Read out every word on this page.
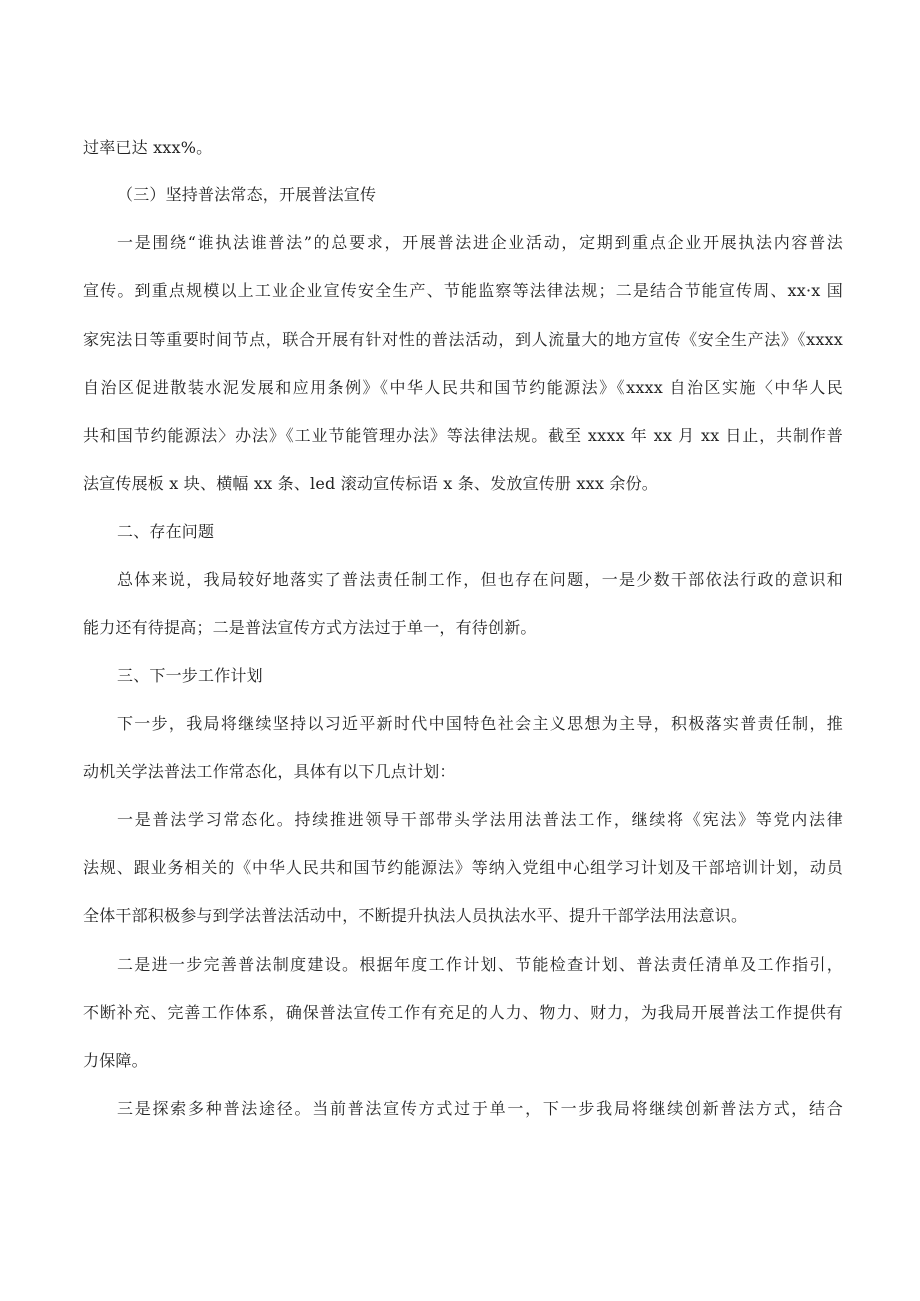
过率已达 xxx%。
（三）坚持普法常态，开展普法宣传
一是围绕“谁执法谁普法”的总要求，开展普法进企业活动，定期到重点企业开展执法内容普法
宣传。到重点规模以上工业企业宣传安全生产、节能监察等法律法规；二是结合节能宣传周、xx·x 国
家宪法日等重要时间节点，联合开展有针对性的普法活动，到人流量大的地方宣传《安全生产法》《xxxx
自治区促进散装水泥发展和应用条例》《中华人民共和国节约能源法》《xxxx 自治区实施〈中华人民
共和国节约能源法〉办法》《工业节能管理办法》等法律法规。截至 xxxx 年 xx 月 xx 日止，共制作普
法宣传展板 x 块、横幅 xx 条、led 滚动宣传标语 x 条、发放宣传册 xxx 余份。
二、存在问题
总体来说，我局较好地落实了普法责任制工作，但也存在问题，一是少数干部依法行政的意识和
能力还有待提高；二是普法宣传方式方法过于单一，有待创新。
三、下一步工作计划
下一步，我局将继续坚持以习近平新时代中国特色社会主义思想为主导，积极落实普责任制，推
动机关学法普法工作常态化，具体有以下几点计划：
一是普法学习常态化。持续推进领导干部带头学法用法普法工作，继续将《宪法》等党内法律
法规、跟业务相关的《中华人民共和国节约能源法》等纳入党组中心组学习计划及干部培训计划，动员
全体干部积极参与到学法普法活动中，不断提升执法人员执法水平、提升干部学法用法意识。
二是进一步完善普法制度建设。根据年度工作计划、节能检查计划、普法责任清单及工作指引，
不断补充、完善工作体系，确保普法宣传工作有充足的人力、物力、财力，为我局开展普法工作提供有
力保障。
三是探索多种普法途径。当前普法宣传方式过于单一，下一步我局将继续创新普法方式，结合
